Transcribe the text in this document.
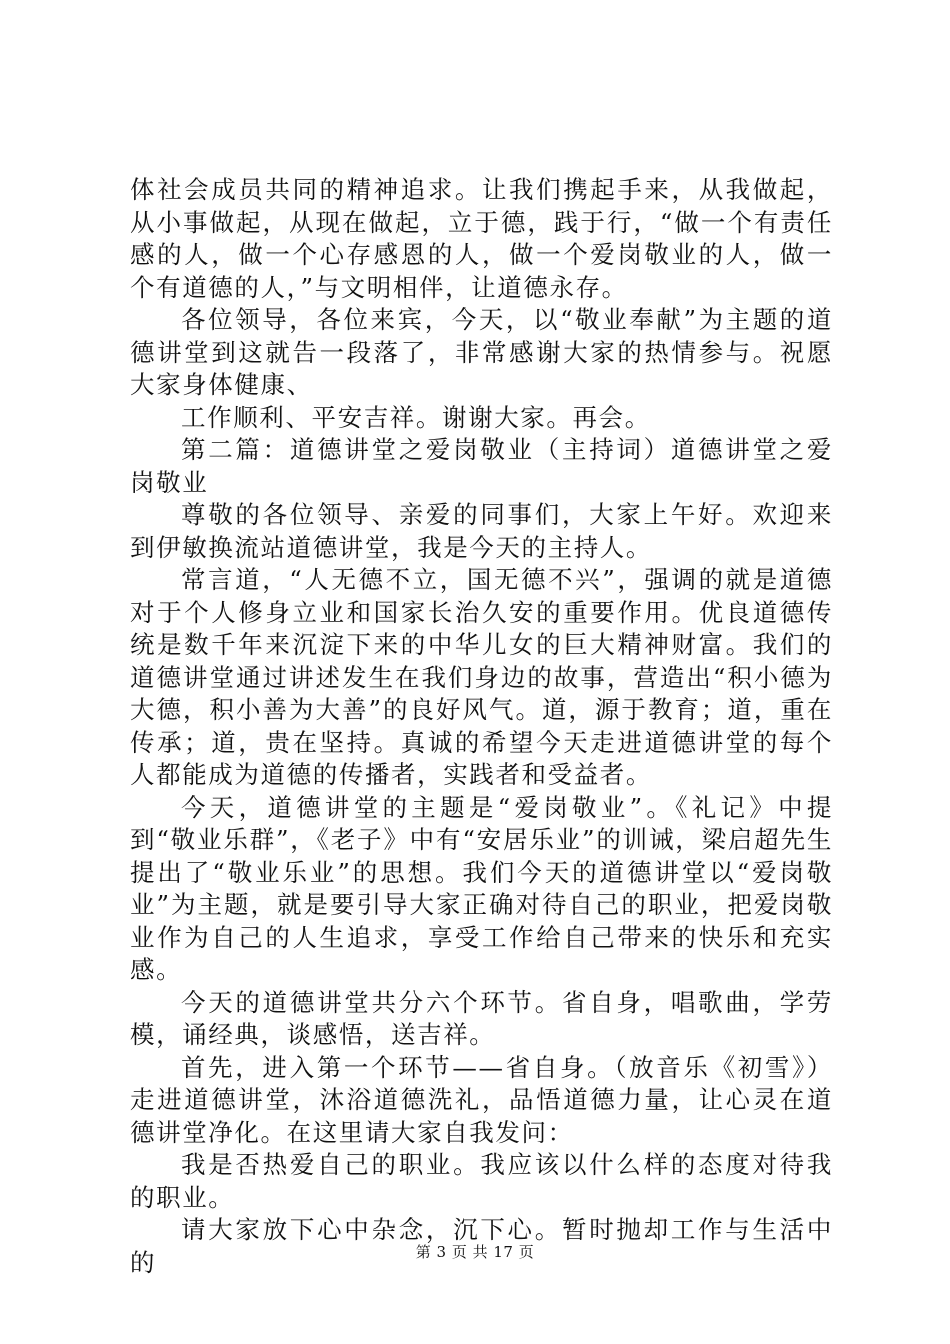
体社会成员共同的精神追求。让我们携起手来，从我做起，从小事做起，从现在做起，立于德，践于行，“做一个有责任感的人，做一个心存感恩的人，做一个爱岗敬业的人，做一个有道德的人，”与文明相伴，让道德永存。

各位领导，各位来宾，今天，以“敬业奉献”为主题的道德讲堂到这就告一段落了，非常感谢大家的热情参与。祝愿大家身体健康、

工作顺利、平安吉祥。谢谢大家。再会。

第二篇：道德讲堂之爱岗敬业（主持词）道德讲堂之爱岗敬业

尊敬的各位领导、亲爱的同事们，大家上午好。欢迎来到伊敏换流站道德讲堂，我是今天的主持人。

常言道，“人无德不立，国无德不兴”，强调的就是道德对于个人修身立业和国家长治久安的重要作用。优良道德传统是数千年来沉淀下来的中华儿女的巨大精神财富。我们的道德讲堂通过讲述发生在我们身边的故事，营造出“积小德为大德，积小善为大善”的良好风气。道，源于教育；道，重在传承；道，贵在坚持。真诚的希望今天走进道德讲堂的每个人都能成为道德的传播者，实践者和受益者。

今天，道德讲堂的主题是“爱岗敬业”。《礼记》中提到“敬业乐群”，《老子》中有“安居乐业”的训诫，梁启超先生提出了“敬业乐业”的思想。我们今天的道德讲堂以“爱岗敬业”为主题，就是要引导大家正确对待自己的职业，把爱岗敬业作为自己的人生追求，享受工作给自己带来的快乐和充实感。

今天的道德讲堂共分六个环节。省自身，唱歌曲，学劳模，诵经典，谈感悟，送吉祥。

首先，进入第一个环节——省自身。（放音乐《初雪》）走进道德讲堂，沐浴道德洗礼，品悟道德力量，让心灵在道德讲堂净化。在这里请大家自我发问：

我是否热爱自己的职业。我应该以什么样的态度对待我的职业。

请大家放下心中杂念，沉下心。暂时抛却工作与生活中的	第 3 页 共 17 页
